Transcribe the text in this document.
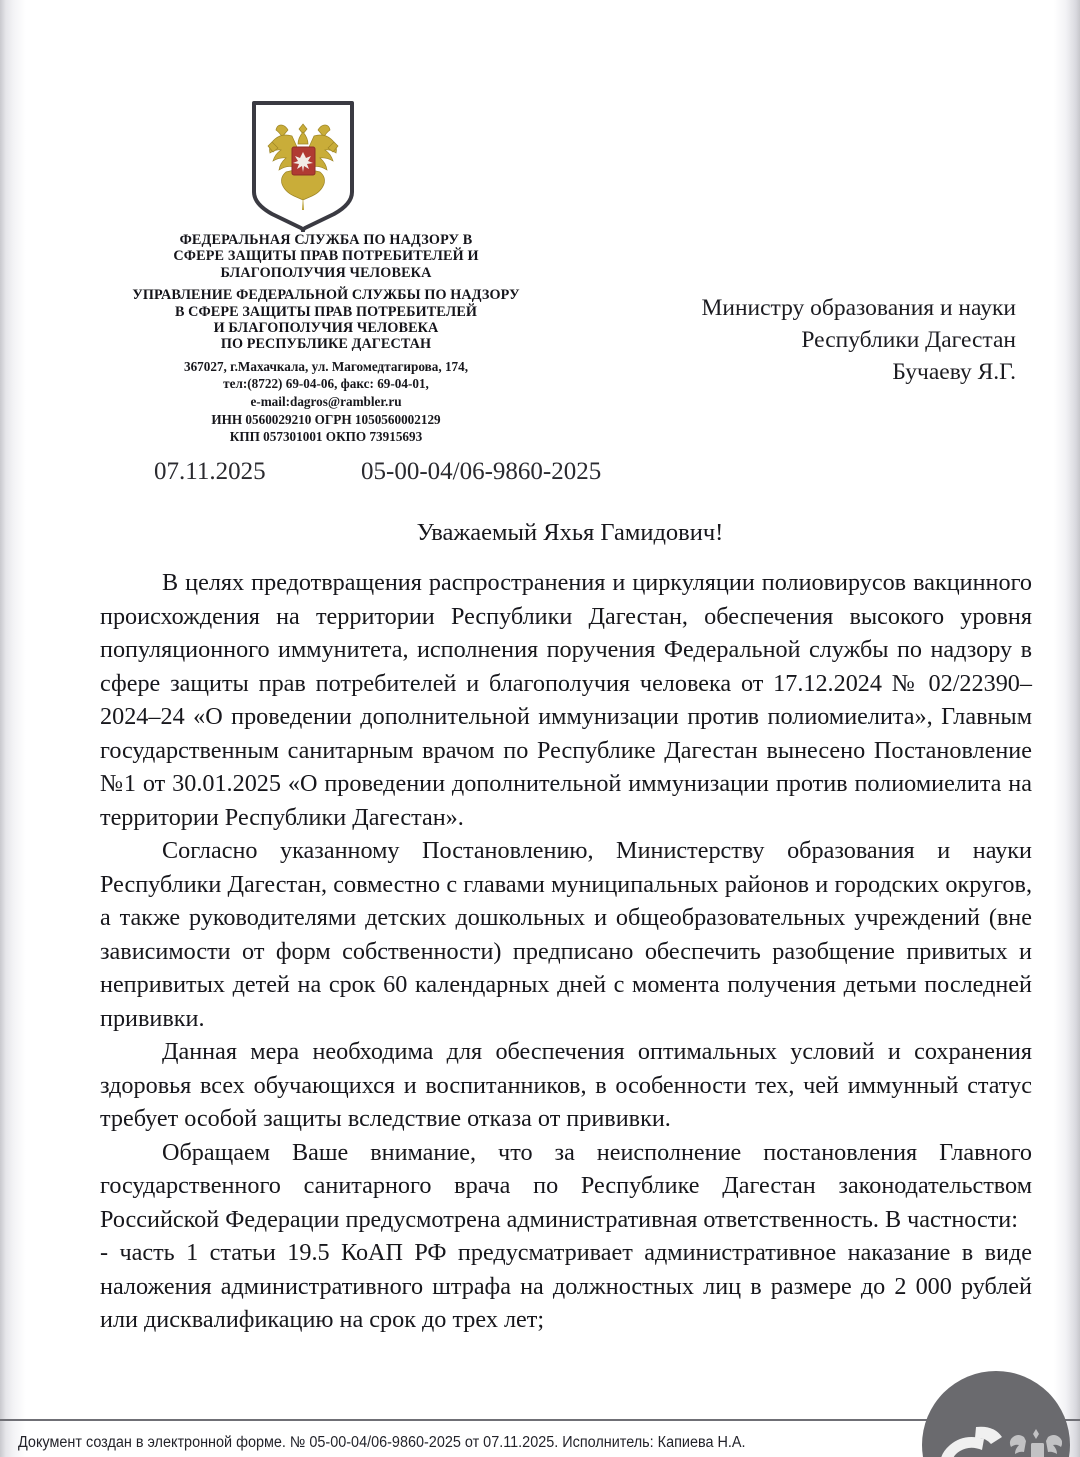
ФЕДЕРАЛЬНАЯ СЛУЖБА ПО НАДЗОРУ В
СФЕРЕ ЗАЩИТЫ ПРАВ ПОТРЕБИТЕЛЕЙ И
БЛАГОПОЛУЧИЯ ЧЕЛОВЕКА
УПРАВЛЕНИЕ ФЕДЕРАЛЬНОЙ СЛУЖБЫ ПО НАДЗОРУ
В СФЕРЕ ЗАЩИТЫ ПРАВ ПОТРЕБИТЕЛЕЙ
И БЛАГОПОЛУЧИЯ ЧЕЛОВЕКА
ПО РЕСПУБЛИКЕ ДАГЕСТАН
367027, г.Махачкала, ул. Магомедтагирова, 174,
тел:(8722) 69-04-06, факс: 69-04-01,
e-mail:dagros@rambler.ru
ИНН 0560029210 ОГРН 1050560002129
КПП 057301001 ОКПО 73915693
Министру образования и науки
Республики Дагестан
Бучаеву Я.Г.
07.11.2025	05-00-04/06-9860-2025
Уважаемый Яхья Гамидович!

В целях предотвращения распространения и циркуляции полиовирусов вакцинного происхождения на территории Республики Дагестан, обеспечения высокого уровня популяционного иммунитета, исполнения поручения Федеральной службы по надзору в сфере защиты прав потребителей и благополучия человека от 17.12.2024 № 02/22390–2024–24 «О проведении дополнительной иммунизации против полиомиелита», Главным государственным санитарным врачом по Республике Дагестан вынесено Постановление №1 от 30.01.2025 «О проведении дополнительной иммунизации против полиомиелита на территории Республики Дагестан».

Согласно указанному Постановлению, Министерству образования и науки Республики Дагестан, совместно с главами муниципальных районов и городских округов, а также руководителями детских дошкольных и общеобразовательных учреждений (вне зависимости от форм собственности) предписано обеспечить разобщение привитых и непривитых детей на срок 60 календарных дней с момента получения детьми последней прививки.

Данная мера необходима для обеспечения оптимальных условий и сохранения здоровья всех обучающихся и воспитанников, в особенности тех, чей иммунный статус требует особой защиты вследствие отказа от прививки.

Обращаем Ваше внимание, что за неисполнение постановления Главного государственного санитарного врача по Республике Дагестан законодательством Российской Федерации предусмотрена административная ответственность. В частности:

- часть 1 статьи 19.5 КоАП РФ предусматривает административное наказание в виде наложения административного штрафа на должностных лиц в размере до 2 000 рублей или дисквалификацию на срок до трех лет;

Документ создан в электронной форме. № 05-00-04/06-9860-2025 от 07.11.2025. Исполнитель: Капиева Н.А.
